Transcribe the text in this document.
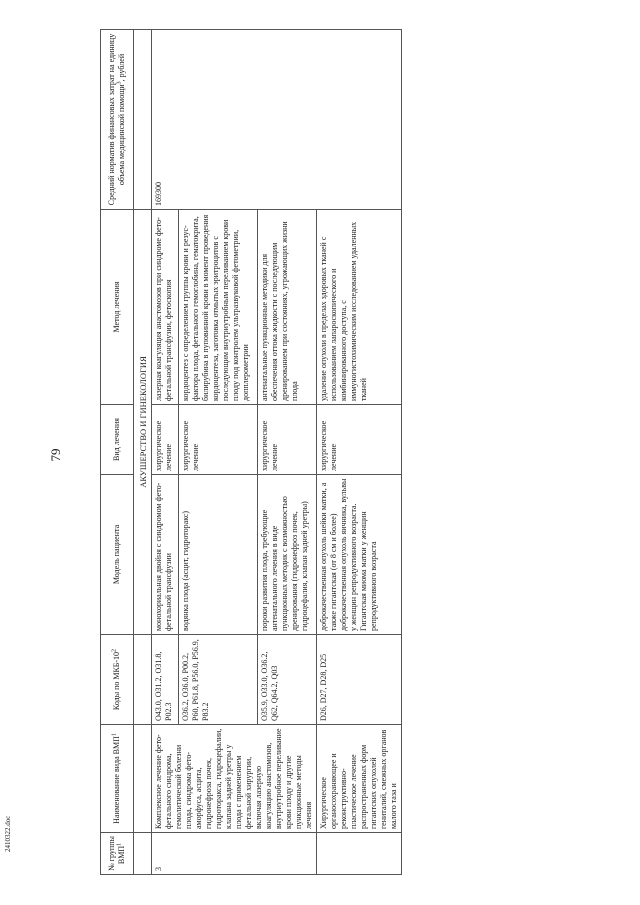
79
№ группы ВМП$^1$	Наименование вида ВМП$^1$	Коды по МКБ-$10^2$	Модель пациента	Вид лечения	Метод лечения	Средний норматив финансовых затрат на единицу объема медицинской помощи$^3$, рублей
			АКУШЕРСТВО И ГИНЕКОЛОГИЯ			
3	Комплексное лечение фето-фетального синдрома, гемолитической болезни плода, синдрома фето-аморфуса, асцита, гидронефроза почек, гидроторакса, гидроцефалии, клапана задней уретры у плода с применением фетальной хирургии, включая лазерную коагуляцию анастомозов, внутриутробное переливание крови плоду и другие пункционные методы лечения	O43.0, O31.2, O31.8, P02.3	монохориальная двойня с синдромом фето-фетальной трансфузии	хирургическое лечение	лазерная коагуляция анастомозов при синдроме фето-фетальной трансфузии, фетоскопия	169300
		O36.2, O36.0, P00.2, P60, P61.8, P56.0, P56.9, P83.2	водянка плода (асцит, гидроторакс)	хирургическое лечение	кордоцентез с определением группы крови и резус-фактора плода, фетального гемоглобина, гематокрита, билирубина в пуповинной крови в момент проведения кордоцентеза, заготовка отмытых эритроцитов с последующим внутриутробным переливанием крови плоду под контролем ультразвуковой фетометрии, допплерометрии	
		O35.9, O33.0, O36.2, Q62, Q64.2, Q03	пороки развития плода, требующие антенатального лечения в виде пункционных методик с возможностью дренирования (гидронефроз почек, гидроцефалия, клапан задней уретры)	хирургическое лечение	антенатальные пункционные методики для обеспечения оттока жидкости с последующим дренированием при состояниях, угрожающих жизни плода	
	Хирургическое органосохраняющее и реконструктивно-пластическое лечение распространенных форм гигантских опухолей гениталий, смежных органов малого таза и	D26, D27, D28, D25	доброкачественная опухоль шейки матки, а также гигантская (от 8 см и более) доброкачественная опухоль яичника, вульвы у женщин репродуктивного возраста. Гигантская миома матки у женщин репродуктивного возраста	хирургическое лечение	удаление опухоли в пределах здоровых тканей с использованием лапароскопического и комбинированного доступа, с иммуногистохимическим исследованием удаленных тканей	
2410322.doc
